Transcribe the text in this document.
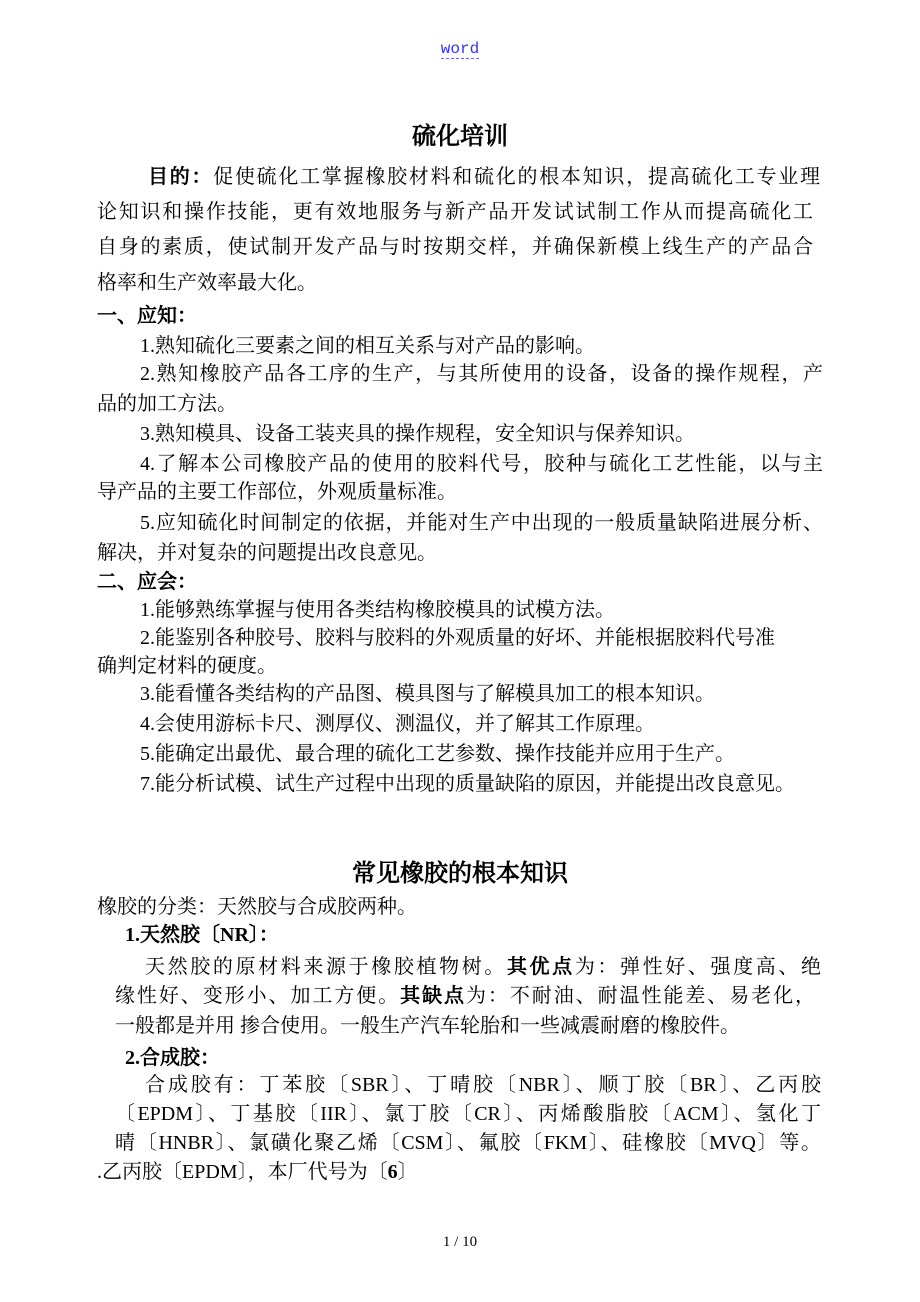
word
硫化培训
目的：促使硫化工掌握橡胶材料和硫化的根本知识，提高硫化工专业理
论知识和操作技能，更有效地服务与新产品开发试试制工作从而提高硫化工
自身的素质，使试制开发产品与时按期交样，并确保新模上线生产的产品合
格率和生产效率最大化。
一、应知：
1.熟知硫化三要素之间的相互关系与对产品的影响。
2.熟知橡胶产品各工序的生产，与其所使用的设备，设备的操作规程，产
品的加工方法。
3.熟知模具、设备工装夹具的操作规程，安全知识与保养知识。
4.了解本公司橡胶产品的使用的胶料代号，胶种与硫化工艺性能，以与主
导产品的主要工作部位，外观质量标准。
5.应知硫化时间制定的依据，并能对生产中出现的一般质量缺陷进展分析、
解决，并对复杂的问题提出改良意见。
二、应会：
1.能够熟练掌握与使用各类结构橡胶模具的试模方法。
2.能鉴别各种胶号、胶料与胶料的外观质量的好坏、并能根据胶料代号准
确判定材料的硬度。
3.能看懂各类结构的产品图、模具图与了解模具加工的根本知识。
4.会使用游标卡尺、测厚仪、测温仪，并了解其工作原理。
5.能确定出最优、最合理的硫化工艺参数、操作技能并应用于生产。
7.能分析试模、试生产过程中出现的质量缺陷的原因，并能提出改良意见。
常见橡胶的根本知识
橡胶的分类：天然胶与合成胶两种。
1.天然胶〔NR〕：
天然胶的原材料来源于橡胶植物树。其优点为：弹性好、强度高、绝
缘性好、变形小、加工方便。其缺点为：不耐油、耐温性能差、易老化，
一般都是并用 掺合使用。一般生产汽车轮胎和一些减震耐磨的橡胶件。
2.合成胶：
合成胶有：丁苯胶〔SBR〕、丁晴胶〔NBR〕、顺丁胶〔BR〕、乙丙胶
〔EPDM〕、丁基胶〔IIR〕、氯丁胶〔CR〕、丙烯酸脂胶〔ACM〕、氢化丁
晴〔HNBR〕、氯磺化聚乙烯〔CSM〕、氟胶〔FKM〕、硅橡胶〔MVQ〕等。
.乙丙胶〔EPDM〕，本厂代号为〔6〕
1 / 10
